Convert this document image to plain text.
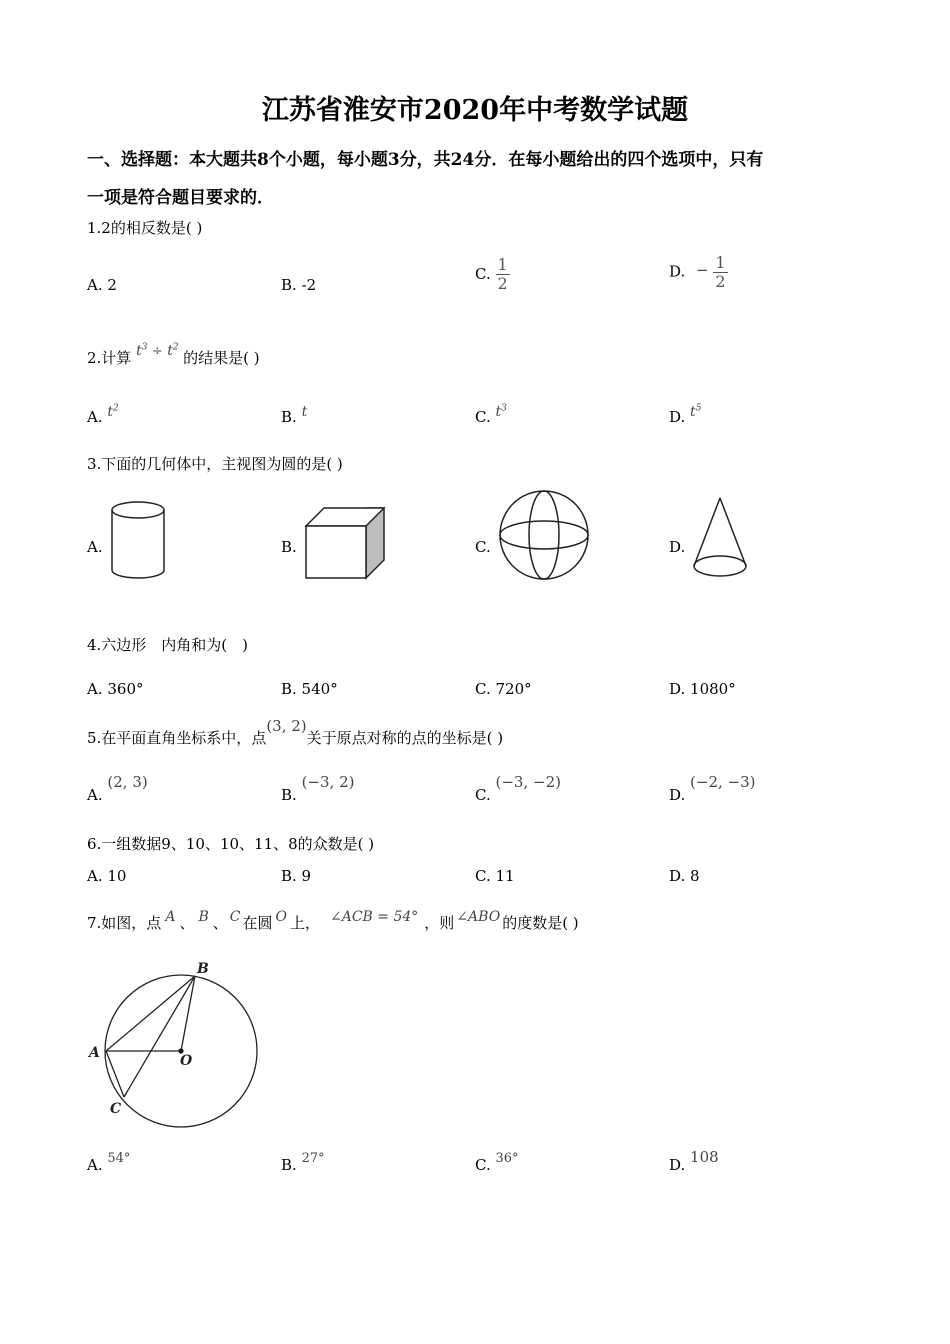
江苏省淮安市2020年中考数学试题
一、选择题：本大题共8个小题，每小题3分，共24分．在每小题给出的四个选项中，只有
一项是符合题目要求的．
1.2的相反数是( )
A. 2	B. -2
C. $\frac{1}{2}$	D. − $\frac{1}{2}$
2.计算 $t^3 \div t^2$ 的结果是( )
A. $t^2$	B. t	C. $t^3$	D. $t^5$
3.下面的几何体中，主视图为圆的是( )
A.	B.	C.	D.
4.六边形　内角和为(　)
A. 360°	B. 540°	C. 720°	D. 1080°
5.在平面直角坐标系中，点(3, 2)关于原点对称的点的坐标是( )
A. (2, 3)
B. (−3, 2)
C. (−3, −2)
D. (−2, −3)
6.一组数据9、10、10、11、8的众数是( )
A. 10	B. 9	C. 11	D. 8
7.如图，点 A 、 B 、 C 在圆 O 上， ∠ACB = 54° ，则 ∠ABO 的度数是( )
B
A	O
C
A. 54°	B. 27°	C. 36°	D. 108
